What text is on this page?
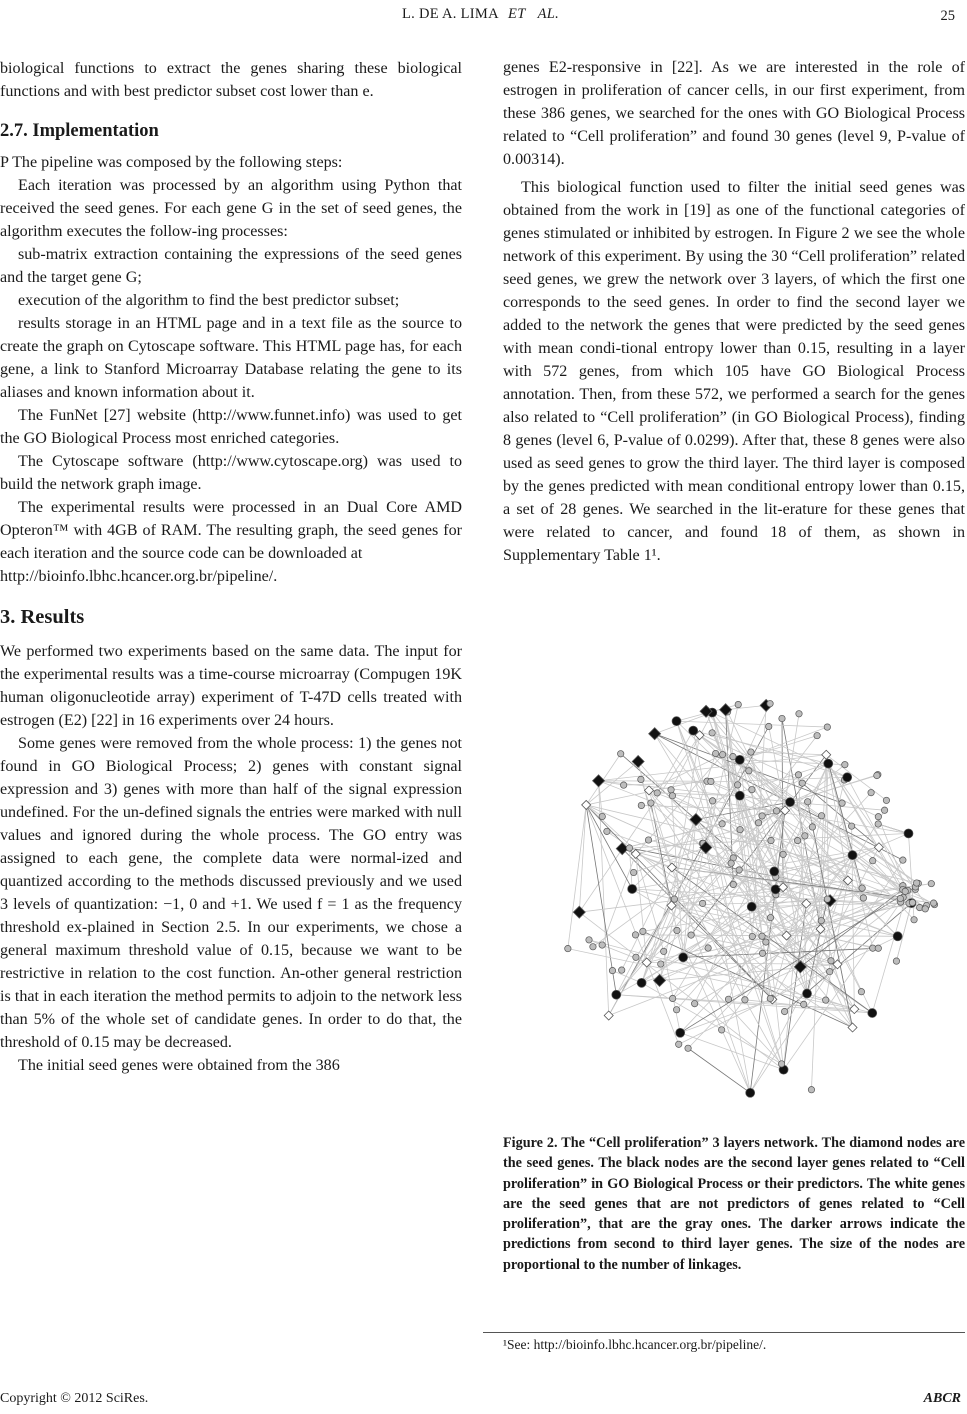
L. DE A. LIMA ET AL.	25

biological functions to extract the genes sharing these biological functions and with best predictor subset cost lower than e.

2.7. Implementation

P The pipeline was composed by the following steps:

Each iteration was processed by an algorithm using Python that received the seed genes. For each gene G in the set of seed genes, the algorithm executes the follow-ing processes:

sub-matrix extraction containing the expressions of the seed genes and the target gene G;

execution of the algorithm to find the best predictor subset;

results storage in an HTML page and in a text file as the source to create the graph on Cytoscape software. This HTML page has, for each gene, a link to Stanford Microarray Database relating the gene to its aliases and known information about it.

The FunNet [27] website (http://www.funnet.info) was used to get the GO Biological Process most enriched categories.

The Cytoscape software (http://www.cytoscape.org) was used to build the network graph image.

The experimental results were processed in an Dual Core AMD Opteron™ with 4GB of RAM. The resulting graph, the seed genes for each iteration and the source code can be downloaded at

http://bioinfo.lbhc.hcancer.org.br/pipeline/.

3. Results

We performed two experiments based on the same data. The input for the experimental results was a time-course microarray (Compugen 19K human oligonucleotide array) experiment of T-47D cells treated with estrogen (E2) [22] in 16 experiments over 24 hours.

Some genes were removed from the whole process: 1) the genes not found in GO Biological Process; 2) genes with constant signal expression and 3) genes with more than half of the signal expression undefined. For the un-defined signals the entries were marked with null values and ignored during the whole process. The GO entry was assigned to each gene, the complete data were normal-ized and quantized according to the methods discussed previously and we used 3 levels of quantization: −1, 0 and +1. We used f = 1 as the frequency threshold ex-plained in Section 2.5. In our experiments, we chose a general maximum threshold value of 0.15, because we want to be restrictive in relation to the cost function. An-other general restriction is that in each iteration the method permits to adjoin to the network less than 5% of the whole set of candidate genes. In order to do that, the threshold of 0.15 may be decreased.

The initial seed genes were obtained from the 386

genes E2-responsive in [22]. As we are interested in the role of estrogen in proliferation of cancer cells, in our first experiment, from these 386 genes, we searched for the ones with GO Biological Process related to “Cell proliferation” and found 30 genes (level 9, P-value of 0.00314).

This biological function used to filter the initial seed genes was obtained from the work in [19] as one of the functional categories of genes stimulated or inhibited by estrogen. In Figure 2 we see the whole network of this experiment. By using the 30 “Cell proliferation” related seed genes, we grew the network over 3 layers, of which the first one corresponds to the seed genes. In order to find the second layer we added to the network the genes that were predicted by the seed genes with mean condi-tional entropy lower than 0.15, resulting in a layer with 572 genes, from which 105 have GO Biological Process annotation. Then, from these 572, we performed a search for the genes also related to “Cell proliferation” (in GO Biological Process), finding 8 genes (level 6, P-value of 0.0299). After that, these 8 genes were also used as seed genes to grow the third layer. The third layer is composed by the genes predicted with mean conditional entropy lower than 0.15, a set of 28 genes. We searched in the lit-erature for these genes that were related to cancer, and found 18 of them, as shown in Supplementary Table 1¹.

Figure 2. The “Cell proliferation” 3 layers network. The diamond nodes are the seed genes. The black nodes are the second layer genes related to “Cell proliferation” in GO Biological Process or their predictors. The white genes are the seed genes that are not predictors of genes related to “Cell proliferation”, that are the gray ones. The darker arrows indicate the predictions from second to third layer genes. The size of the nodes are proportional to the number of linkages.
¹See: http://bioinfo.lbhc.hcancer.org.br/pipeline/.
Copyright © 2012 SciRes.	ABCR
